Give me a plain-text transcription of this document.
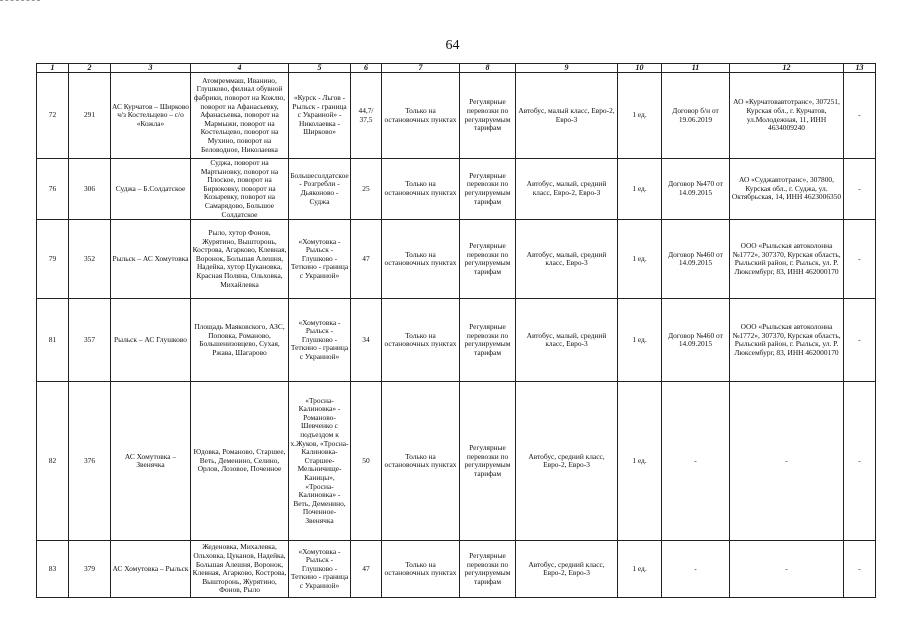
64
1	2	3	4	5	6	7	8	9	10	11	12	13
72	291	АС Курчатов – Ширково ч/з Костельцево – с/о «Кожла»	Атомреммаш, Иванино, Глушково, филиал обувной фабрики, поворот на Кожлю, поворот на Афанасьевку, Афанасьевка, поворот на Мармыжи, поворот на Костельцево, поворот на Мухино, поворот на Беловодное, Николаевка	«Курск - Льгов - Рыльск - граница с Украиной» - Николаевка - Ширково»	44,7/ 37,5	Только на остановочных пунктах	Регулярные перевозки по регулируемым тарифам	Автобус, малый класс, Евро-2, Евро-3	1 ед.	Договор б/н от 19.06.2019	АО «Курчатовавтотранс», 307251, Курская обл., г. Курчатов, ул.Молодежная, 11, ИНН 4634009240	-
76	306	Суджа – Б.Солдатское	Суджа, поворот на Мартыновку, поворот на Плоское, поворот на Бирюковку, поворот на Козыревку, поворот на Самарядово, Большое Солдатское	Большесолдатское - Розгребли - Дьяконово - Суджа	25	Только на остановочных пунктах	Регулярные перевозки по регулируемым тарифам	Автобус, малый, средний класс, Евро-2, Евро-3	1 ед.	Договор №470 от 14.09.2015	АО «Суджавтотранс», 307800, Курская обл., г. Суджа, ул. Октябрьская, 14, ИНН 4623006350	-
79	352	Рыльск – АС Хомутовка	Рыло, хутор Фонов, Журятино, Вышторонь, Кострова, Агарково, Клевная, Воронок, Большая Алешня, Надейка, хутор Цукановка, Красная Поляна, Ольховка, Михайлевка	«Хомутовка - Рыльск - Глушково - Теткино - граница с Украиной»	47	Только на остановочных пунктах	Регулярные перевозки по регулируемым тарифам	Автобус, малый, средний класс, Евро-3	1 ед.	Договор №460 от 14.09.2015	ООО «Рыльская автоколонна №1772», 307370, Курская область, Рыльский район, г. Рыльск, ул. Р. Люксембург, 83, ИНН 462000170	-
81	357	Рыльск – АС Глушково	Площадь Маяковского, АЗС, Поповка, Романово, Большенизовцево, Сухая, Ржава, Шагарово	«Хомутовка - Рыльск - Глушково - Теткино - граница с Украиной»	34	Только на остановочных пунктах	Регулярные перевозки по регулируемым тарифам	Автобус, малый, средний класс, Евро-3	1 ед.	Договор №460 от 14.09.2015	ООО «Рыльская автоколонна №1772», 307370, Курская область, Рыльский район, г. Рыльск, ул. Р. Люксембург, 83, ИНН 462000170	-
82	376	АС Хомутовка – Звенячка	Юдовка, Романово, Старшее, Веть, Деменино, Селино, Орлов, Лозовое, Поченное	«Тросна-Калиновка» - Романово-Шевченко с подъездом к х.Жуков, «Тросна-Калиновка-Старшее-Мельничище-Каницы», «Тросна-Калиновка» - Веть, Деменино, Поченное-Звенячка	50	Только на остановочных пунктах	Регулярные перевозки по регулируемым тарифам	Автобус, средний класс, Евро-2, Евро-3	1 ед.	-	-	-
83	379	АС Хомутовка – Рыльск	Жеденовка, Михалевка, Ольховка, Цуканов, Надейка, Большая Алешня, Воронок, Клевная, Агарково, Кострова, Вышторонь, Журятино, Фонов, Рыло	«Хомутовка - Рыльск - Глушково - Теткино - граница с Украиной»	47	Только на остановочных пунктах	Регулярные перевозки по регулируемым тарифам	Автобус, средний класс, Евро-2, Евро-3	1 ед.	-	-	-
